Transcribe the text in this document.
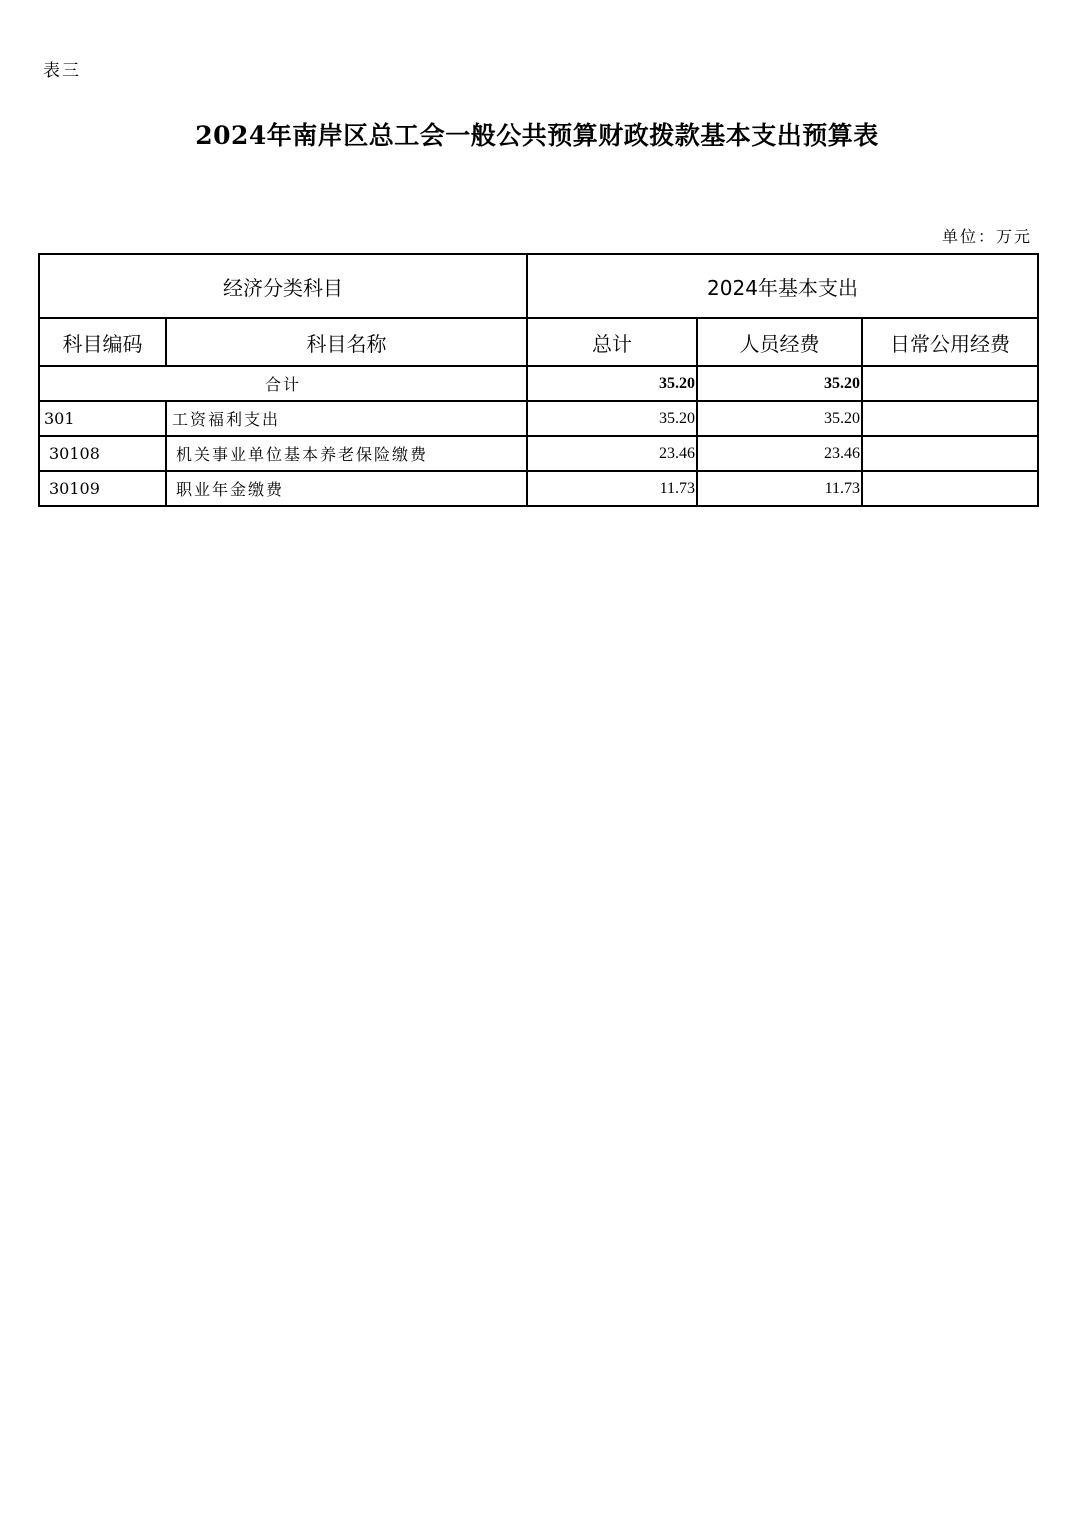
表三
2024年南岸区总工会一般公共预算财政拨款基本支出预算表
单位：万元
经济分类科目		2024年基本支出		
科目编码	科目名称	总计	人员经费	日常公用经费
合计		35.20	35.20	
301	工资福利支出	35.20	35.20	
30108	机关事业单位基本养老保险缴费	23.46	23.46	
30109	职业年金缴费	11.73	11.73	
